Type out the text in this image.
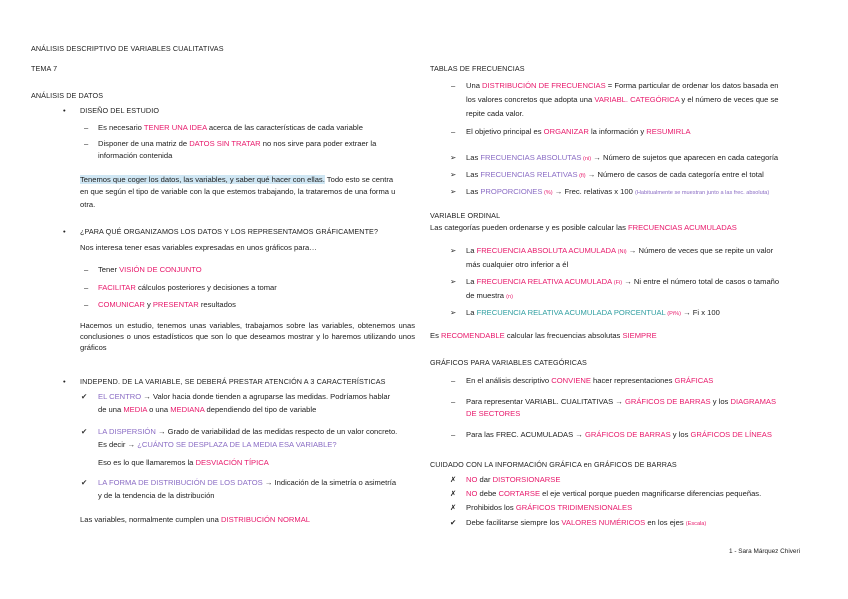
ANÁLISIS DESCRIPTIVO DE VARIABLES CUALITATIVAS
TEMA 7
ANÁLISIS DE DATOS
• DISEÑO DEL ESTUDIO
– Es necesario TENER UNA IDEA acerca de las características de cada variable
– Disponer de una matriz de DATOS SIN TRATAR no nos sirve para poder extraer la
información contenida
Tenemos que coger los datos, las variables, y saber qué hacer con ellas. Todo esto se centra
en que según el tipo de variable con la que estemos trabajando, la trataremos de una forma u
otra.
• ¿PARA QUÉ ORGANIZAMOS LOS DATOS Y LOS REPRESENTAMOS GRÁFICAMENTE?
Nos interesa tener esas variables expresadas en unos gráficos para…
– Tener VISIÓN DE CONJUNTO
– FACILITAR cálculos posteriores y decisiones a tomar
– COMUNICAR y PRESENTAR resultados
Hacemos un estudio, tenemos unas variables, trabajamos sobre las variables, obtenemos unas conclusiones o unos estadísticos que son lo que deseamos mostrar y lo haremos utilizando unos gráficos
• INDEPEND. DE LA VARIABLE, SE DEBERÁ PRESTAR ATENCIÓN A 3 CARACTERÍSTICAS
✔ EL CENTRO → Valor hacia donde tienden a agruparse las medidas. Podríamos hablar
de una MEDIA o una MEDIANA dependiendo del tipo de variable
✔ LA DISPERSIÓN → Grado de variabilidad de las medidas respecto de un valor concreto.
Es decir → ¿CUÁNTO SE DESPLAZA DE LA MEDIA ESA VARIABLE?
Eso es lo que llamaremos la DESVIACIÓN TÍPICA
✔ LA FORMA DE DISTRIBUCIÓN DE LOS DATOS → Indicación de la simetría o asimetría
y de la tendencia de la distribución
Las variables, normalmente cumplen una DISTRIBUCIÓN NORMAL
TABLAS DE FRECUENCIAS
– Una DISTRIBUCIÓN DE FRECUENCIAS = Forma particular de ordenar los datos basada en
los valores concretos que adopta una VARIABL. CATEGÓRICA y el número de veces que se
repite cada valor.
– El objetivo principal es ORGANIZAR la información y RESUMIRLA
➢ Las FRECUENCIAS ABSOLUTAS (ni) → Número de sujetos que aparecen en cada categoría
➢ Las FRECUENCIAS RELATIVAS (fi) → Número de casos de cada categoría entre el total
➢ Las PROPORCIONES (%) → Frec. relativas x 100 (Habitualmente se muestran junto a las frec. absoluta)
VARIABLE ORDINAL
Las categorías pueden ordenarse y es posible calcular las FRECUENCIAS ACUMULADAS
➢ La FRECUENCIA ABSOLUTA ACUMULADA (Ni) → Número de veces que se repite un valor
más cualquier otro inferior a él
➢ La FRECUENCIA RELATIVA ACUMULADA (Fi) → Ni entre el número total de casos o tamaño
de muestra (n)
➢ La FRECUENCIA RELATIVA ACUMULADA PORCENTUAL (Pi%) → Fi x 100
Es RECOMENDABLE calcular las frecuencias absolutas SIEMPRE
GRÁFICOS PARA VARIABLES CATEGÓRICAS
– En el análisis descriptivo CONVIENE hacer representaciones GRÁFICAS
– Para representar VARIABL. CUALITATIVAS → GRÁFICOS DE BARRAS y los DIAGRAMAS
DE SECTORES
– Para las FREC. ACUMULADAS → GRÁFICOS DE BARRAS y los GRÁFICOS DE LÍNEAS
CUIDADO CON LA INFORMACIÓN GRÁFICA en GRÁFICOS DE BARRAS
✗ NO dar DISTORSIONARSE
✗ NO debe CORTARSE el eje vertical porque pueden magnificarse diferencias pequeñas.
✗ Prohibidos los GRÁFICOS TRIDIMENSIONALES
✔ Debe facilitarse siempre los VALORES NUMÉRICOS en los ejes (Escala)
1 - Sara Márquez Chiveri
